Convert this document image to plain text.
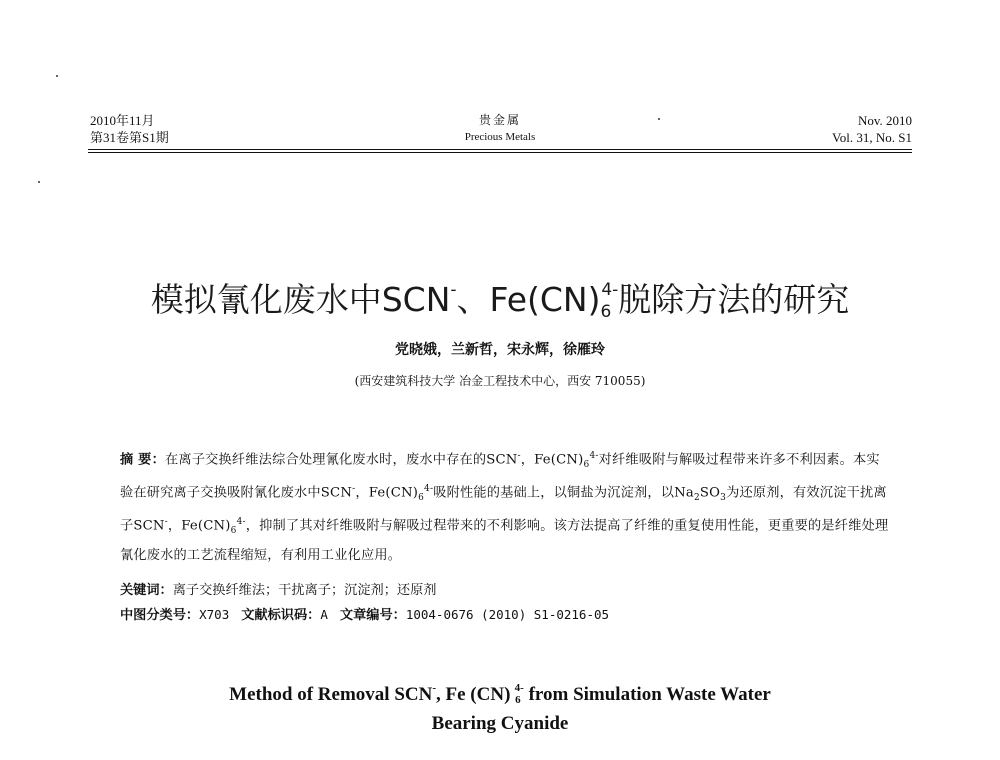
2010年11月
第31卷第S1期
贵金属
Precious Metals
Nov. 2010
Vol. 31, No. S1
模拟氰化废水中SCN-、$Fe(CN)_6^{4-}$脱除方法的研究
党晓娥，兰新哲，宋永辉，徐雁玲
(西安建筑科技大学 冶金工程技术中心，西安 710055)
摘 要：在离子交换纤维法综合处理氰化废水时，废水中存在的SCN-，$Fe(CN)_6^{4-}$对纤维吸附与解吸过程带来许多不利因素。本实验在研究离子交换吸附氰化废水中SCN-，$Fe(CN)_6^{4-}$吸附性能的基础上，以铜盐为沉淀剂，以$Na_2SO_3$为还原剂，有效沉淀干扰离子SCN-，$Fe(CN)_6^{4-}$，抑制了其对纤维吸附与解吸过程带来的不利影响。该方法提高了纤维的重复使用性能，更重要的是纤维处理氰化废水的工艺流程缩短，有利用工业化应用。
关键词：离子交换纤维法；干扰离子；沉淀剂；还原剂
中图分类号：X703 文献标识码：A 文章编号：1004-0676 (2010) S1-0216-05
Method of Removal SCN-, Fe (CN) $_6^{4-}$ from Simulation Waste Water
Bearing Cyanide
